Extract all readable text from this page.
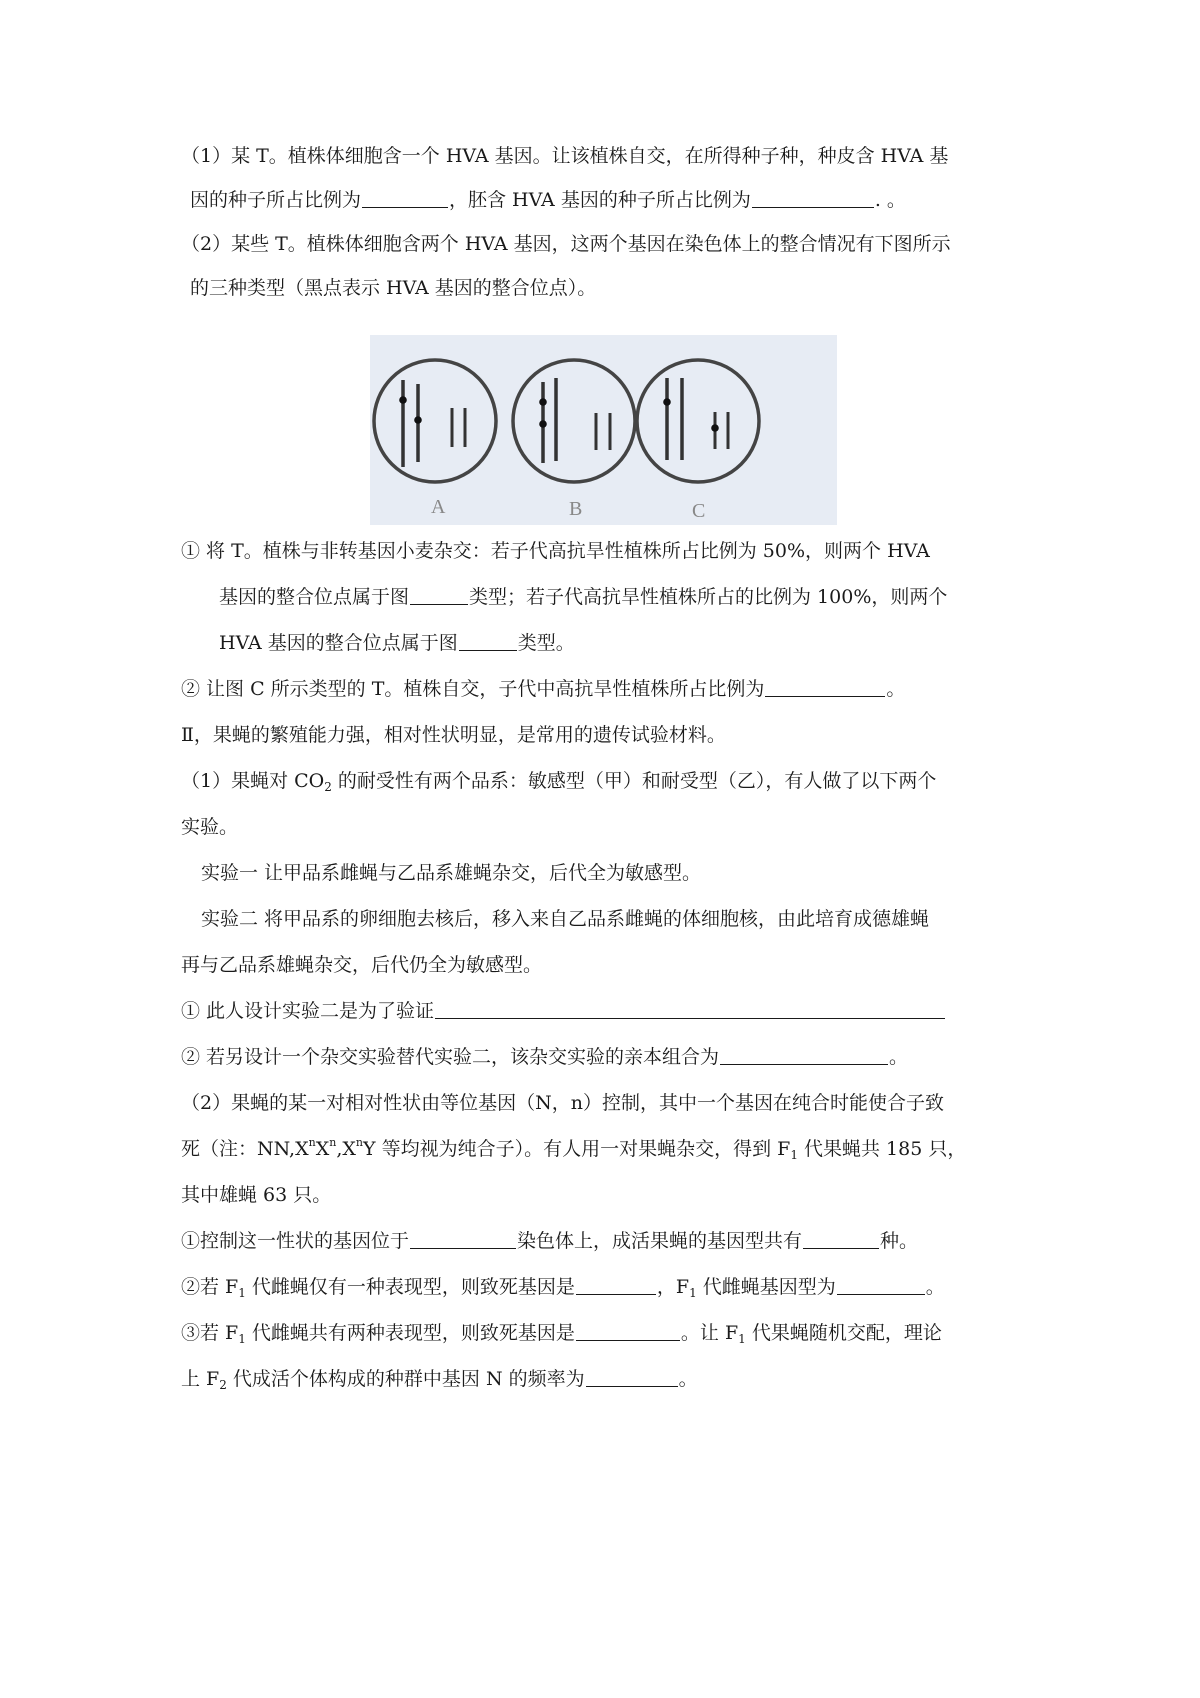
（1）某 T。植株体细胞含一个 HVA 基因。让该植株自交，在所得种子种，种皮含 HVA 基
因的种子所占比例为	，胚含 HVA 基因的种子所占比例为	. 。
（2）某些 T。植株体细胞含两个 HVA 基因，这两个基因在染色体上的整合情况有下图所示
的三种类型（黑点表示 HVA 基因的整合位点）。
A	B	C
① 将 T。植株与非转基因小麦杂交：若子代高抗旱性植株所占比例为 50%，则两个 HVA
基因的整合位点属于图	类型；若子代高抗旱性植株所占的比例为 100%，则两个
HVA 基因的整合位点属于图	类型。
② 让图 C 所示类型的 T。植株自交，子代中高抗旱性植株所占比例为	。
Ⅱ，果蝇的繁殖能力强，相对性状明显，是常用的遗传试验材料。
（1）果蝇对 $CO_2$ 的耐受性有两个品系：敏感型（甲）和耐受型（乙），有人做了以下两个
实验。
实验一 让甲品系雌蝇与乙品系雄蝇杂交，后代全为敏感型。
实验二 将甲品系的卵细胞去核后，移入来自乙品系雌蝇的体细胞核，由此培育成德雄蝇
再与乙品系雄蝇杂交，后代仍全为敏感型。
① 此人设计实验二是为了验证
② 若另设计一个杂交实验替代实验二，该杂交实验的亲本组合为	。
（2）果蝇的某一对相对性状由等位基因（N，n）控制，其中一个基因在纯合时能使合子致
死（注：$NN,X^nX^n,X^nY$ 等均视为纯合子）。有人用一对果蝇杂交，得到 $F_1$ 代果蝇共 185 只，
其中雄蝇 63 只。
①控制这一性状的基因位于	染色体上，成活果蝇的基因型共有	种。
②若 $F_1$ 代雌蝇仅有一种表现型，则致死基因是	，$F_1$ 代雌蝇基因型为	。
③若 $F_1$ 代雌蝇共有两种表现型，则致死基因是	。让 $F_1$ 代果蝇随机交配，理论
上 $F_2$ 代成活个体构成的种群中基因 N 的频率为	。
